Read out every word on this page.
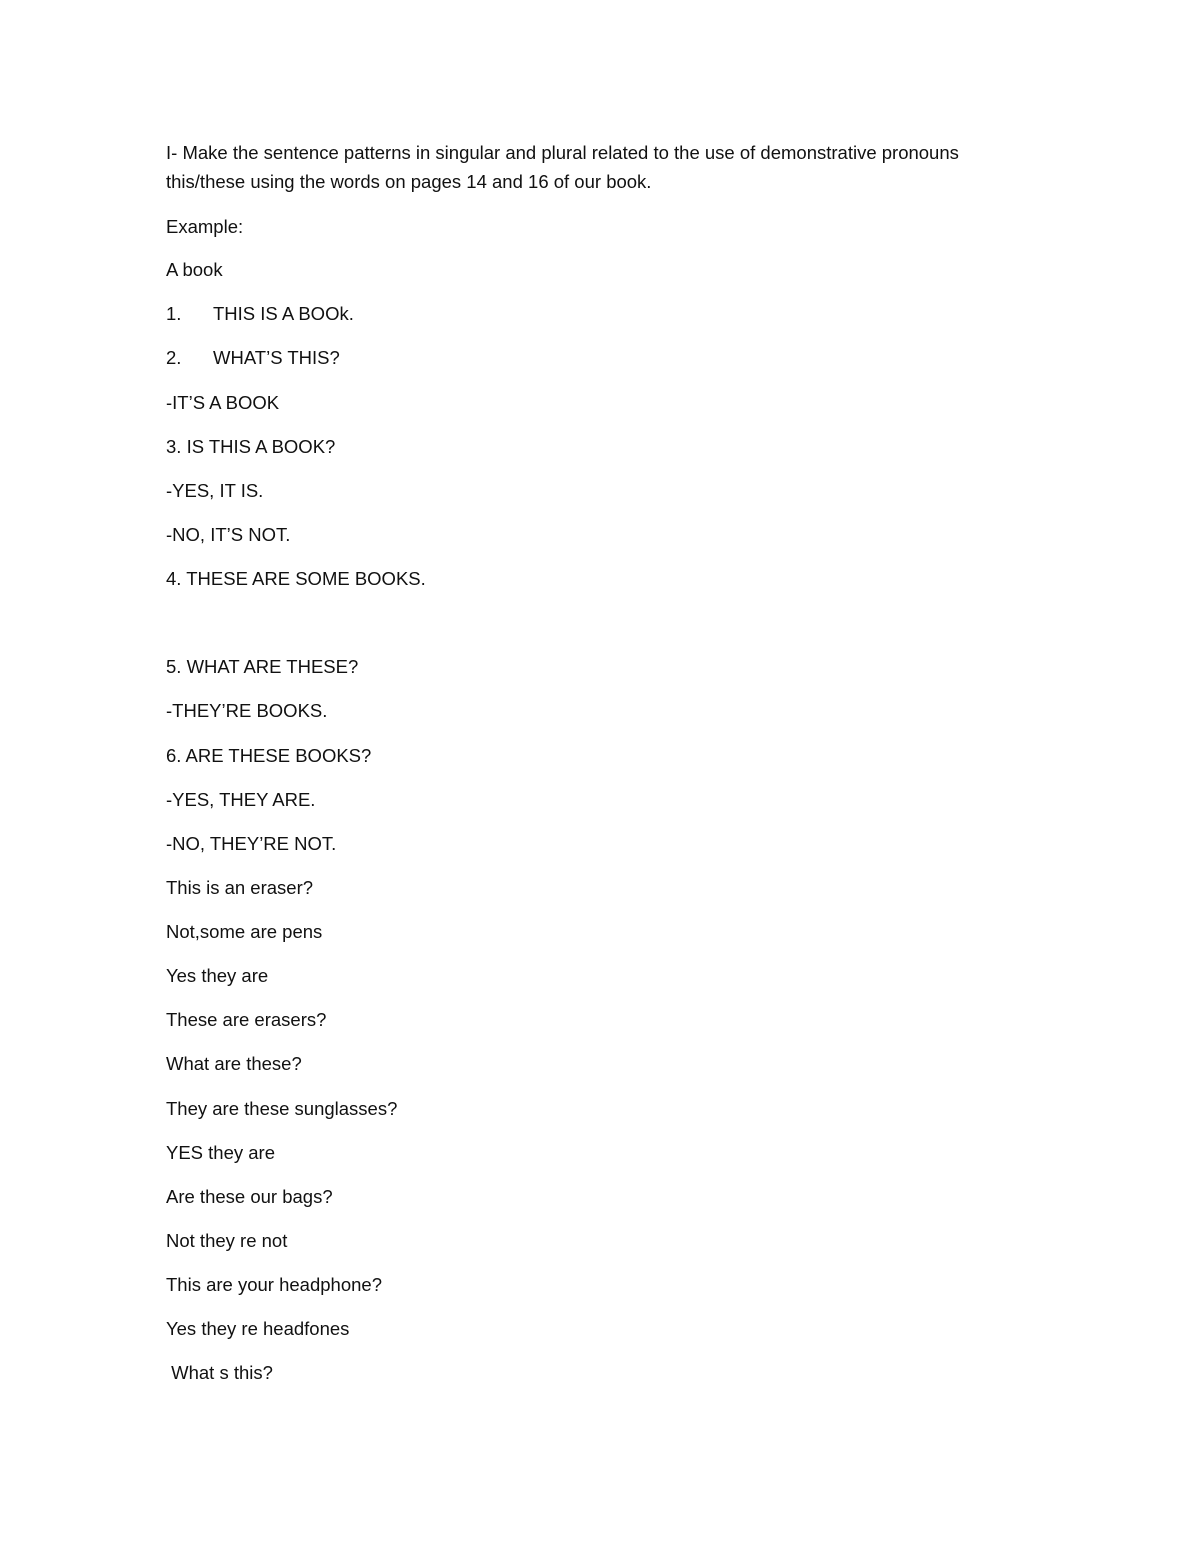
I- Make the sentence patterns in singular and plural related to the use of demonstrative pronouns

this/these using the words on pages 14 and 16 of our book.

Example:

A book

1. THIS IS A BOOk.

2. WHAT’S THIS?

-IT’S A BOOK

3. IS THIS A BOOK?

-YES, IT IS.

-NO, IT’S NOT.

4. THESE ARE SOME BOOKS.

5. WHAT ARE THESE?

-THEY’RE BOOKS.

6. ARE THESE BOOKS?

-YES, THEY ARE.

-NO, THEY’RE NOT.

This is an eraser?

Not,some are pens

Yes they are

These are erasers?

What are these?

They are these sunglasses?

YES they are

Are these our bags?

Not they re not

This are your headphone?

Yes they re headfones

What s this?
